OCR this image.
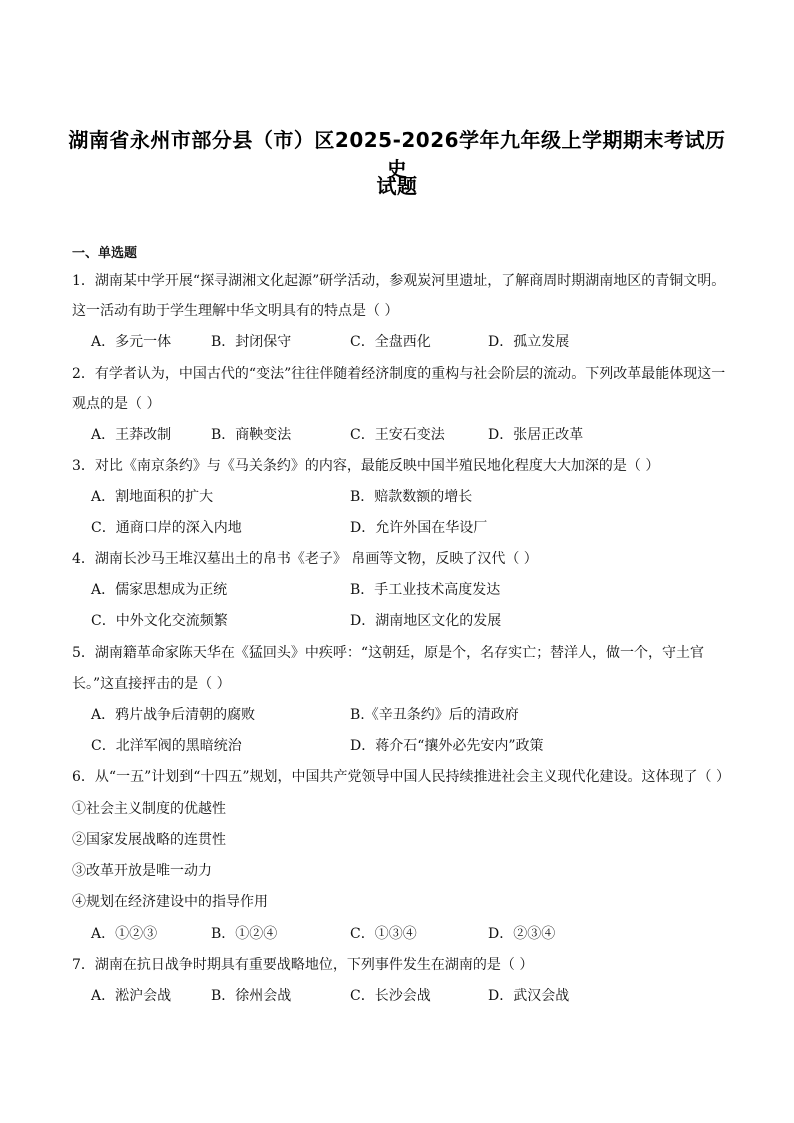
湖南省永州市部分县（市）区2025-2026学年九年级上学期期末考试历史
试题
一、单选题
1．湖南某中学开展“探寻湖湘文化起源”研学活动，参观炭河里遗址，了解商周时期湖南地区的青铜文明。
这一活动有助于学生理解中华文明具有的特点是（ ）
A．多元一体	B．封闭保守	C．全盘西化	D．孤立发展
2．有学者认为，中国古代的“变法”往往伴随着经济制度的重构与社会阶层的流动。下列改革最能体现这一
观点的是（ ）
A．王莽改制	B．商鞅变法	C．王安石变法	D．张居正改革
3．对比《南京条约》与《马关条约》的内容，最能反映中国半殖民地化程度大大加深的是（ ）
A．割地面积的扩大	B．赔款数额的增长
C．通商口岸的深入内地	D．允许外国在华设厂
4．湖南长沙马王堆汉墓出土的帛书《老子》 帛画等文物，反映了汉代（ ）
A．儒家思想成为正统	B．手工业技术高度发达
C．中外文化交流频繁	D．湖南地区文化的发展
5．湖南籍革命家陈天华在《猛回头》中疾呼：“这朝廷，原是个，名存实亡；替洋人，做一个，守土官
长。”这直接抨击的是（ ）
A．鸦片战争后清朝的腐败	B.《辛丑条约》后的清政府
C．北洋军阀的黑暗统治	D．蒋介石“攘外必先安内”政策
6．从“一五”计划到“十四五”规划，中国共产党领导中国人民持续推进社会主义现代化建设。这体现了（ ）
①社会主义制度的优越性
②国家发展战略的连贯性
③改革开放是唯一动力
④规划在经济建设中的指导作用
A．①②③	B．①②④	C．①③④	D．②③④
7．湖南在抗日战争时期具有重要战略地位，下列事件发生在湖南的是（ ）
A．淞沪会战	B．徐州会战	C．长沙会战	D．武汉会战
